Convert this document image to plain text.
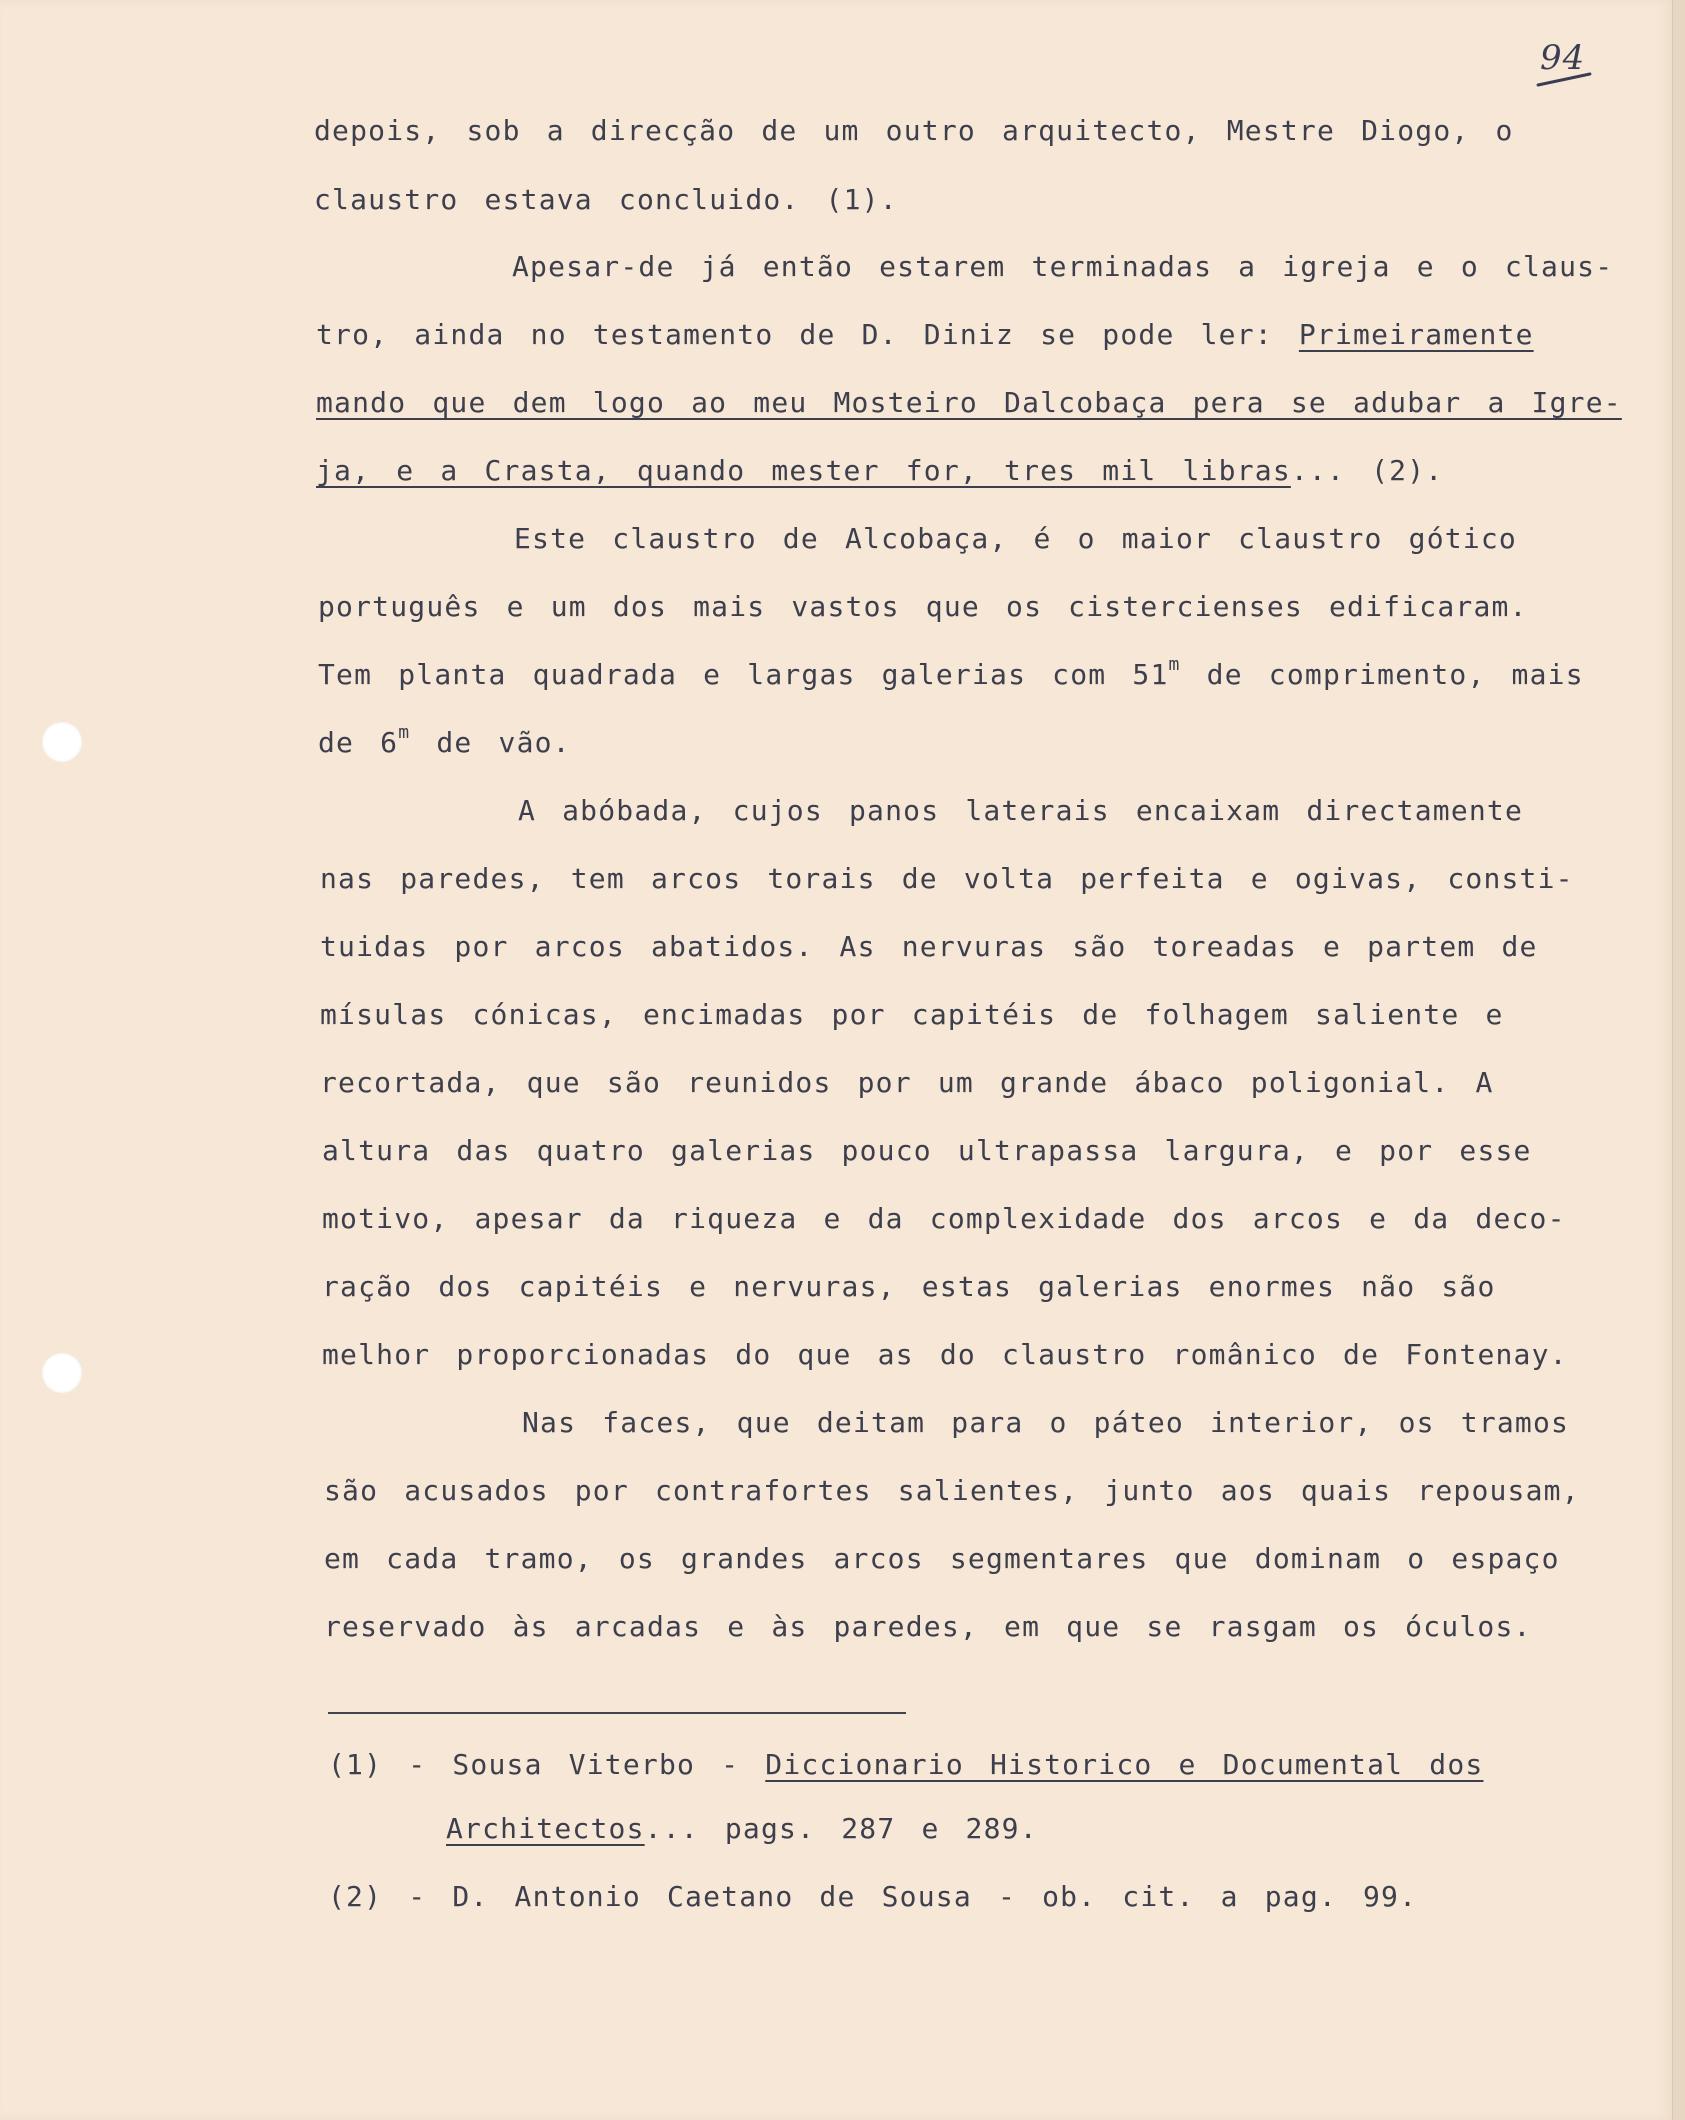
94
depois, sob a direcção de um outro arquitecto, Mestre Diogo, o
claustro estava concluido. (1).
Apesar-de já então estarem terminadas a igreja e o claus-
tro, ainda no testamento de D. Diniz se pode ler: Primeiramente
mando que dem logo ao meu Mosteiro Dalcobaça pera se adubar a Igre-
ja, e a Crasta, quando mester for, tres mil libras... (2).
Este claustro de Alcobaça, é o maior claustro gótico
português e um dos mais vastos que os cistercienses edificaram.
Tem planta quadrada e largas galerias com 51$^m$ de comprimento, mais
de 6$^m$ de vão.
A abóbada, cujos panos laterais encaixam directamente
nas paredes, tem arcos torais de volta perfeita e ogivas, consti-
tuidas por arcos abatidos. As nervuras são toreadas e partem de
mísulas cónicas, encimadas por capitéis de folhagem saliente e
recortada, que são reunidos por um grande ábaco poligonial. A
altura das quatro galerias pouco ultrapassa largura, e por esse
motivo, apesar da riqueza e da complexidade dos arcos e da deco-
ração dos capitéis e nervuras, estas galerias enormes não são
melhor proporcionadas do que as do claustro românico de Fontenay.
Nas faces, que deitam para o páteo interior, os tramos
são acusados por contrafortes salientes, junto aos quais repousam,
em cada tramo, os grandes arcos segmentares que dominam o espaço
reservado às arcadas e às paredes, em que se rasgam os óculos.
(1) - Sousa Viterbo - Diccionario Historico e Documental dos
Architectos... pags. 287 e 289.
(2) - D. Antonio Caetano de Sousa - ob. cit. a pag. 99.
